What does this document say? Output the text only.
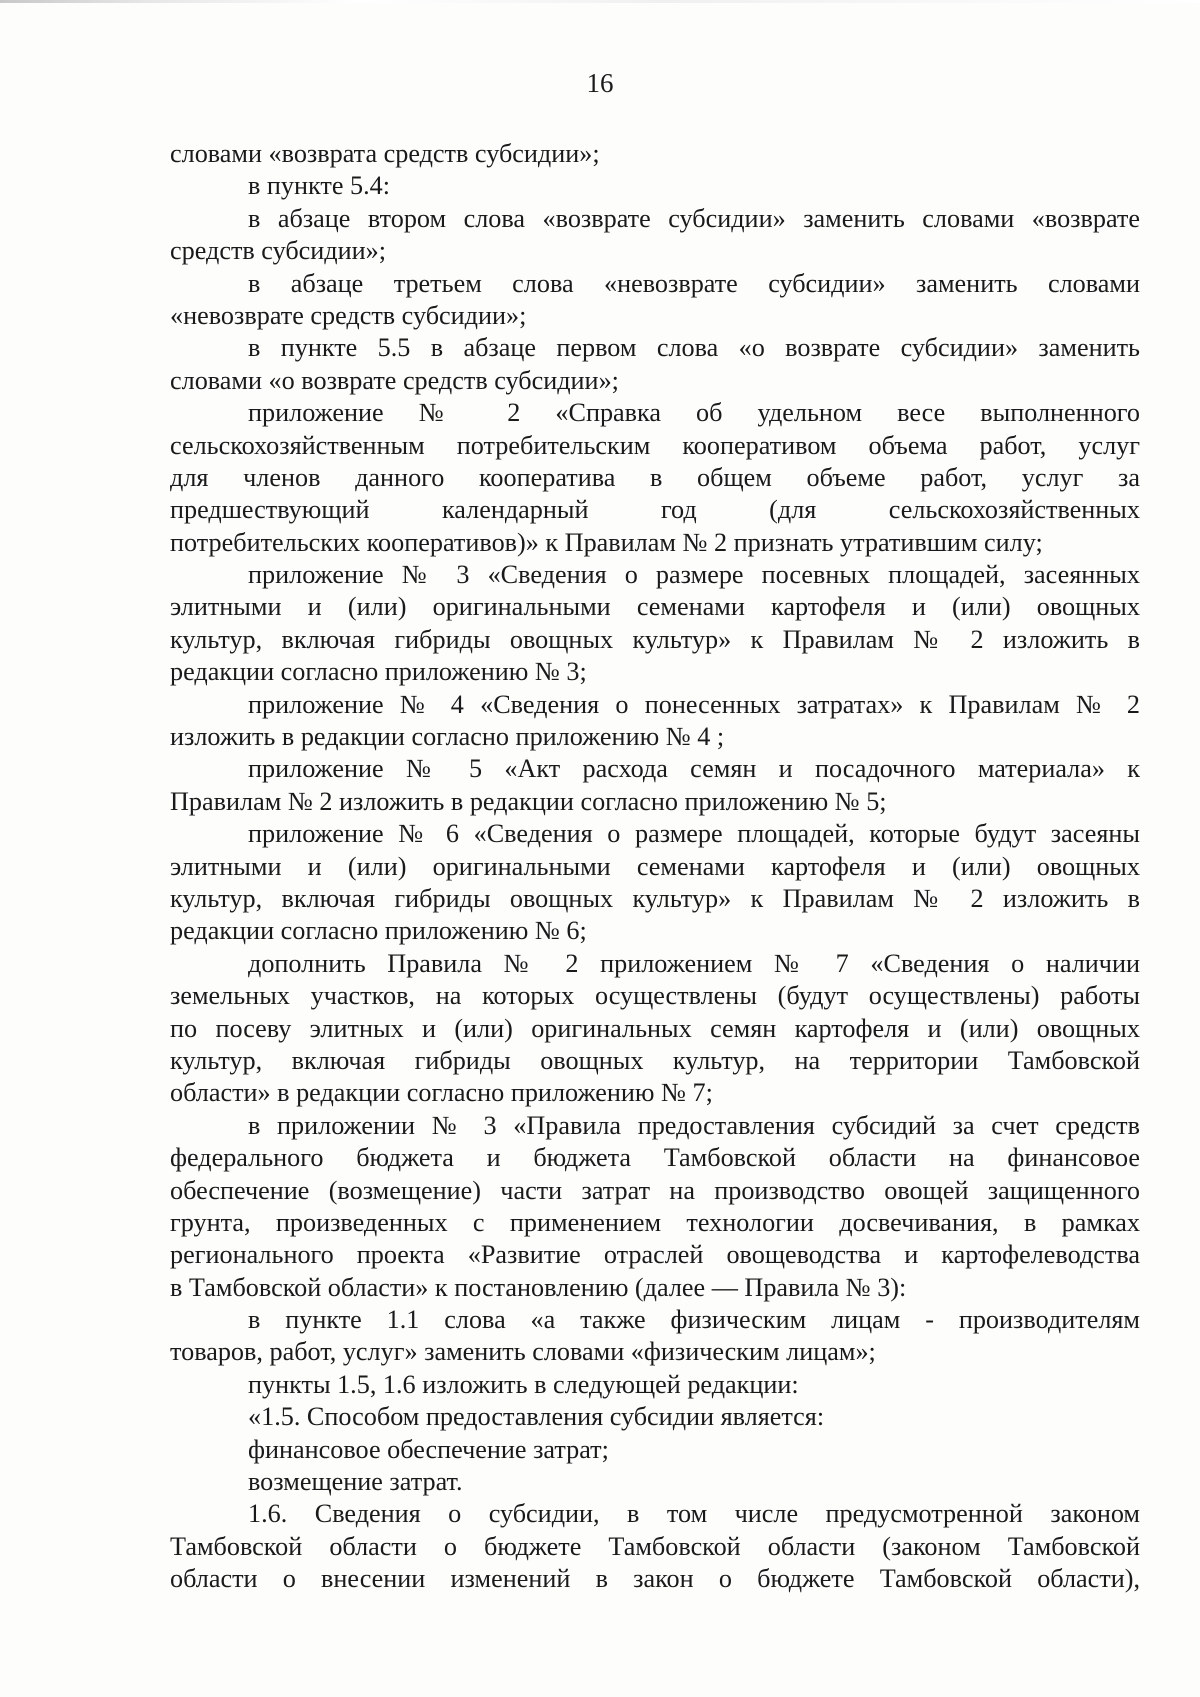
16
словами «возврата средств субсидии»;
в пункте 5.4:
в абзаце втором слова «возврате субсидии» заменить словами «возврате
средств субсидии»;
в абзаце третьем слова «невозврате субсидии» заменить словами
«невозврате средств субсидии»;
в пункте 5.5 в абзаце первом слова «о возврате субсидии» заменить
словами «о возврате средств субсидии»;
приложение № 2 «Справка об удельном весе выполненного
сельскохозяйственным потребительским кооперативом объема работ, услуг
для членов данного кооператива в общем объеме работ, услуг за
предшествующий календарный год (для сельскохозяйственных
потребительских кооперативов)» к Правилам № 2 признать утратившим силу;
приложение № 3 «Сведения о размере посевных площадей, засеянных
элитными и (или) оригинальными семенами картофеля и (или) овощных
культур, включая гибриды овощных культур» к Правилам № 2 изложить в
редакции согласно приложению № 3;
приложение № 4 «Сведения о понесенных затратах» к Правилам № 2
изложить в редакции согласно приложению № 4 ;
приложение № 5 «Акт расхода семян и посадочного материала» к
Правилам № 2 изложить в редакции согласно приложению № 5;
приложение № 6 «Сведения о размере площадей, которые будут засеяны
элитными и (или) оригинальными семенами картофеля и (или) овощных
культур, включая гибриды овощных культур» к Правилам № 2 изложить в
редакции согласно приложению № 6;
дополнить Правила № 2 приложением № 7 «Сведения о наличии
земельных участков, на которых осуществлены (будут осуществлены) работы
по посеву элитных и (или) оригинальных семян картофеля и (или) овощных
культур, включая гибриды овощных культур, на территории Тамбовской
области» в редакции согласно приложению № 7;
в приложении № 3 «Правила предоставления субсидий за счет средств
федерального бюджета и бюджета Тамбовской области на финансовое
обеспечение (возмещение) части затрат на производство овощей защищенного
грунта, произведенных с применением технологии досвечивания, в рамках
регионального проекта «Развитие отраслей овощеводства и картофелеводства
в Тамбовской области» к постановлению (далее — Правила № 3):
в пункте 1.1 слова «а также физическим лицам - производителям
товаров, работ, услуг» заменить словами «физическим лицам»;
пункты 1.5, 1.6 изложить в следующей редакции:
«1.5. Способом предоставления субсидии является:
финансовое обеспечение затрат;
возмещение затрат.
1.6. Сведения о субсидии, в том числе предусмотренной законом
Тамбовской области о бюджете Тамбовской области (законом Тамбовской
области о внесении изменений в закон о бюджете Тамбовской области),
